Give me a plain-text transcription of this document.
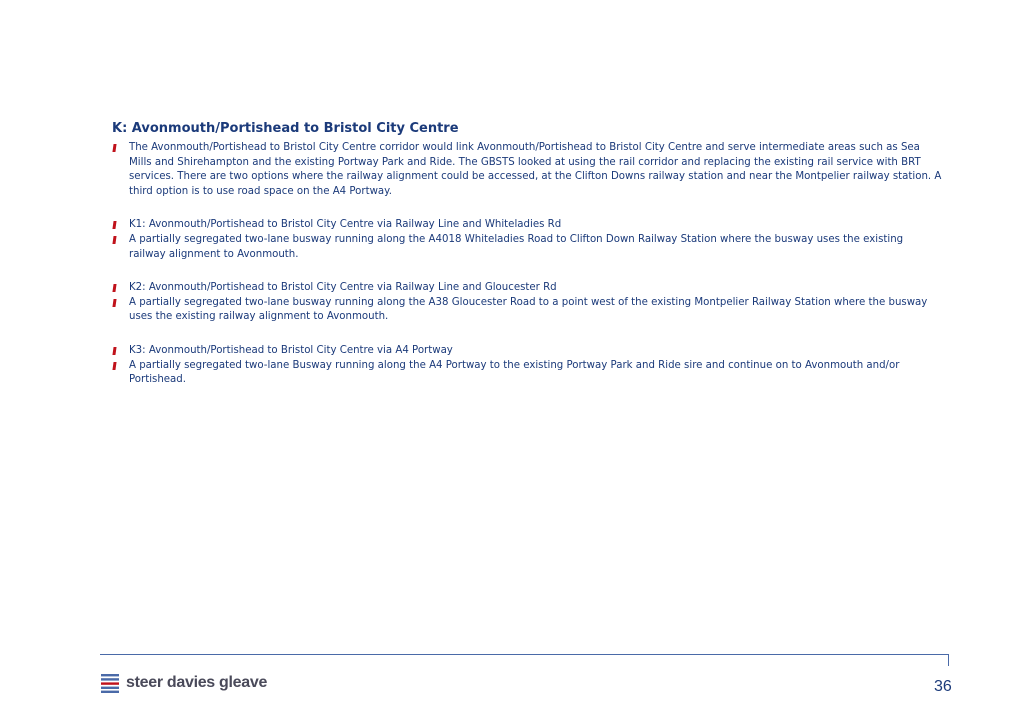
K: Avonmouth/Portishead to Bristol City Centre
The Avonmouth/Portishead to Bristol City Centre corridor would link Avonmouth/Portishead to Bristol City Centre and serve intermediate areas such as Sea Mills and Shirehampton and the existing Portway Park and Ride. The GBSTS looked at using the rail corridor and replacing the existing rail service with BRT services. There are two options where the railway alignment could be accessed, at the Clifton Downs railway station and near the Montpelier railway station. A third option is to use road space on the A4 Portway.
K1: Avonmouth/Portishead to Bristol City Centre via Railway Line and Whiteladies Rd
A partially segregated two-lane busway running along the A4018 Whiteladies Road to Clifton Down Railway Station where the busway uses the existing railway alignment to Avonmouth.
K2: Avonmouth/Portishead to Bristol City Centre via Railway Line and Gloucester Rd
A partially segregated two-lane busway running along the A38 Gloucester Road to a point west of the existing Montpelier Railway Station where the busway uses the existing railway alignment to Avonmouth.
K3: Avonmouth/Portishead to Bristol City Centre via A4 Portway
A partially segregated two-lane Busway running along the A4 Portway to the existing Portway Park and Ride sire and continue on to Avonmouth and/or Portishead.
steer davies gleave	36
